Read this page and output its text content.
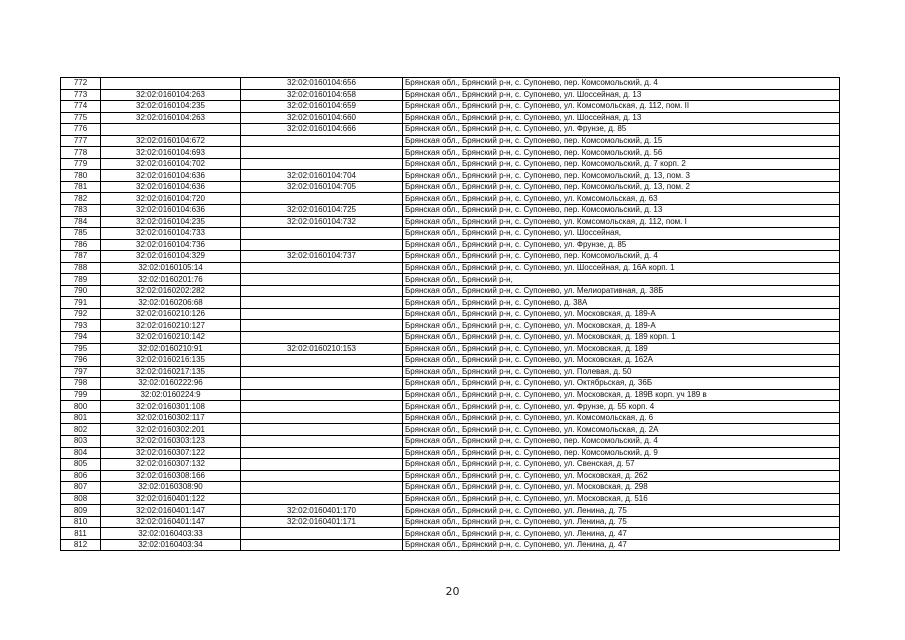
772		32:02:0160104:656	Брянская обл., Брянский р-н, с. Супонево, пер. Комсомольский, д. 4
773	32:02:0160104:263	32:02:0160104:658	Брянская обл., Брянский р-н, с. Супонево, ул. Шоссейная, д. 13
774	32:02:0160104:235	32:02:0160104:659	Брянская обл., Брянский р-н, с. Супонево, ул. Комсомольская, д. 112, пом. II
775	32:02:0160104:263	32:02:0160104:660	Брянская обл., Брянский р-н, с. Супонево, ул. Шоссейная, д. 13
776		32:02:0160104:666	Брянская обл., Брянский р-н, с. Супонево, ул. Фрунзе, д. 85
777	32:02:0160104:672		Брянская обл., Брянский р-н, с. Супонево, пер. Комсомольский, д. 15
778	32:02:0160104:693		Брянская обл., Брянский р-н, с. Супонево, пер. Комсомольский, д. 56
779	32:02:0160104:702		Брянская обл., Брянский р-н, с. Супонево, пер. Комсомольский, д. 7 корп. 2
780	32:02:0160104:636	32:02:0160104:704	Брянская обл., Брянский р-н, с. Супонево, пер. Комсомольский, д. 13, пом. 3
781	32:02:0160104:636	32:02:0160104:705	Брянская обл., Брянский р-н, с. Супонево, пер. Комсомольский, д. 13, пом. 2
782	32:02:0160104:720		Брянская обл., Брянский р-н, с. Супонево, ул. Комсомольская, д. 63
783	32:02:0160104:636	32:02:0160104:725	Брянская обл., Брянский р-н, с. Супонево, пер. Комсомольский, д. 13
784	32:02:0160104:235	32:02:0160104:732	Брянская обл., Брянский р-н, с. Супонево, ул. Комсомольская, д. 112, пом. I
785	32:02:0160104:733		Брянская обл., Брянский р-н, с. Супонево, ул. Шоссейная,
786	32:02:0160104:736		Брянская обл., Брянский р-н, с. Супонево, ул. Фрунзе, д. 85
787	32:02:0160104:329	32:02:0160104:737	Брянская обл., Брянский р-н, с. Супонево, пер. Комсомольский, д. 4
788	32:02:0160105:14		Брянская обл., Брянский р-н, с. Супонево, ул. Шоссейная, д. 16А корп. 1
789	32:02:0160201:76		Брянская обл., Брянский р-н,
790	32:02:0160202:282		Брянская обл., Брянский р-н, с. Супонево, ул. Мелиоративная, д. 38Б
791	32:02:0160206:68		Брянская обл., Брянский р-н, с. Супонево, д. 38А
792	32:02:0160210:126		Брянская обл., Брянский р-н, с. Супонево, ул. Московская, д. 189-А
793	32:02:0160210:127		Брянская обл., Брянский р-н, с. Супонево, ул. Московская, д. 189-А
794	32:02:0160210:142		Брянская обл., Брянский р-н, с. Супонево, ул. Московская, д. 189 корп. 1
795	32:02:0160210:91	32:02:0160210:153	Брянская обл., Брянский р-н, с. Супонево, ул. Московская, д. 189
796	32:02:0160216:135		Брянская обл., Брянский р-н, с. Супонево, ул. Московская, д. 162А
797	32:02:0160217:135		Брянская обл., Брянский р-н, с. Супонево, ул. Полевая, д. 50
798	32:02:0160222:96		Брянская обл., Брянский р-н, с. Супонево, ул. Октябрьская, д. 36Б
799	32:02:0160224:9		Брянская обл., Брянский р-н, с. Супонево, ул. Московская, д. 189В корп. уч 189 в
800	32:02:0160301:108		Брянская обл., Брянский р-н, с. Супонево, ул. Фрунзе, д. 55 корп. 4
801	32:02:0160302:117		Брянская обл., Брянский р-н, с. Супонево, ул. Комсомольская, д. 6
802	32:02:0160302:201		Брянская обл., Брянский р-н, с. Супонево, ул. Комсомольская, д. 2А
803	32:02:0160303:123		Брянская обл., Брянский р-н, с. Супонево, пер. Комсомольский, д. 4
804	32:02:0160307:122		Брянская обл., Брянский р-н, с. Супонево, пер. Комсомольский, д. 9
805	32:02:0160307:132		Брянская обл., Брянский р-н, с. Супонево, ул. Свенская, д. 57
806	32:02:0160308:166		Брянская обл., Брянский р-н, с. Супонево, ул. Московская, д. 262
807	32:02:0160308:90		Брянская обл., Брянский р-н, с. Супонево, ул. Московская, д. 298
808	32:02:0160401:122		Брянская обл., Брянский р-н, с. Супонево, ул. Московская, д. 516
809	32:02:0160401:147	32:02:0160401:170	Брянская обл., Брянский р-н, с. Супонево, ул. Ленина, д. 75
810	32:02:0160401:147	32:02:0160401:171	Брянская обл., Брянский р-н, с. Супонево, ул. Ленина, д. 75
811	32:02:0160403:33		Брянская обл., Брянский р-н, с. Супонево, ул. Ленина, д. 47
812	32:02:0160403:34		Брянская обл., Брянский р-н, с. Супонево, ул. Ленина, д. 47
20
